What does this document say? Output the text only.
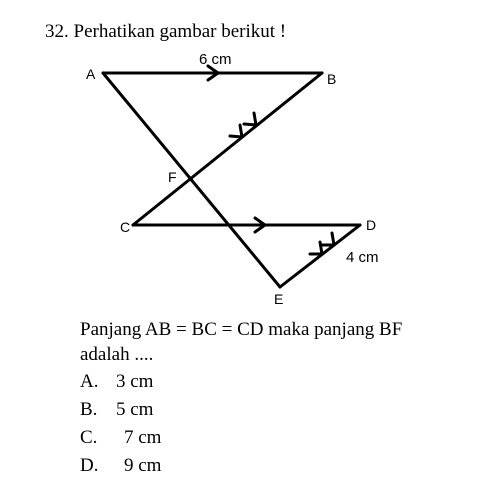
32. Perhatikan gambar berikut !
A	B
F
C	D
E
6 cm
4 cm
Panjang AB = BC = CD maka panjang BF
adalah ....
A. 3 cm
B. 5 cm
C. 7 cm
D. 9 cm
